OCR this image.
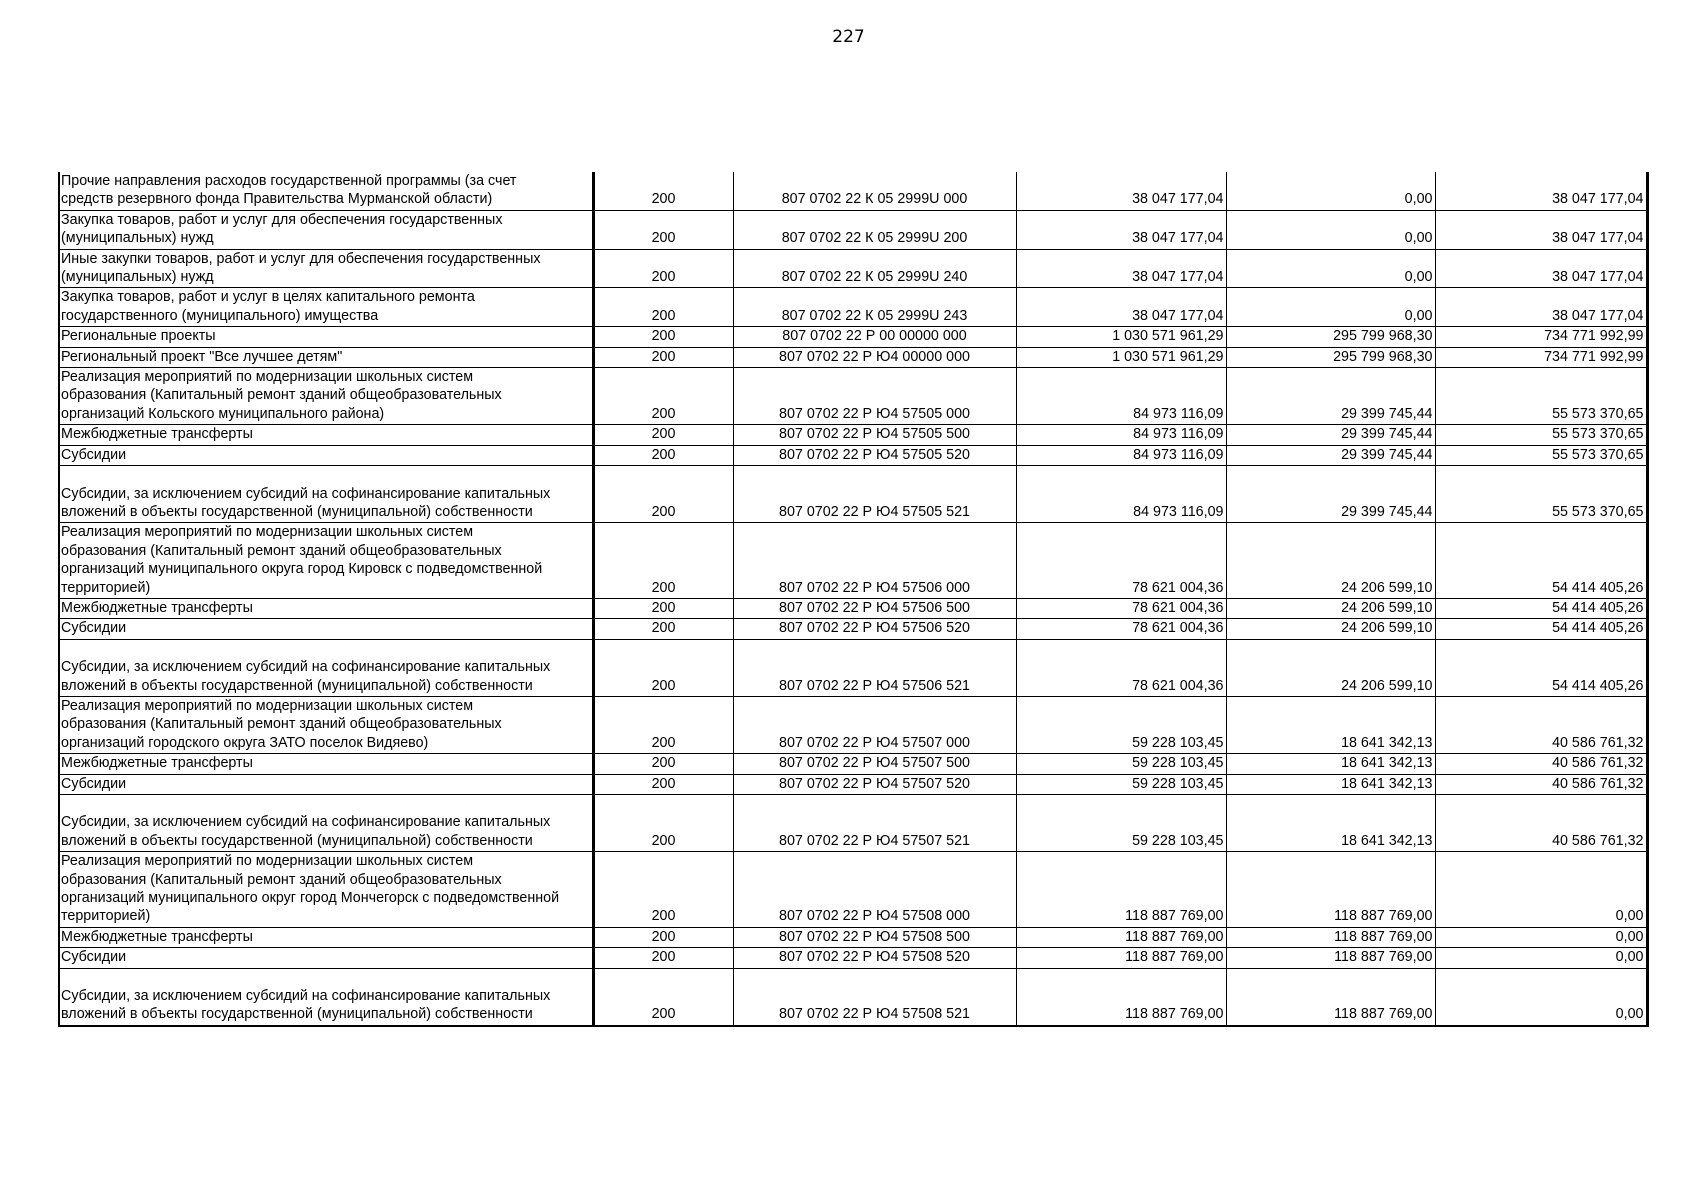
227
Прочие направления расходов государственной программы (за счет
средств резервного фонда Правительства Мурманской области)	200	807 0702 22 К 05 2999U 000	38 047 177,04	0,00	38 047 177,04
Закупка товаров, работ и услуг для обеспечения государственных
(муниципальных) нужд	200	807 0702 22 К 05 2999U 200	38 047 177,04	0,00	38 047 177,04
Иные закупки товаров, работ и услуг для обеспечения государственных
(муниципальных) нужд	200	807 0702 22 К 05 2999U 240	38 047 177,04	0,00	38 047 177,04
Закупка товаров, работ и услуг в целях капитального ремонта
государственного (муниципального) имущества	200	807 0702 22 К 05 2999U 243	38 047 177,04	0,00	38 047 177,04
Региональные проекты	200	807 0702 22 Р 00 00000 000	1 030 571 961,29	295 799 968,30	734 771 992,99
Региональный проект "Все лучшее детям"	200	807 0702 22 Р Ю4 00000 000	1 030 571 961,29	295 799 968,30	734 771 992,99
Реализация мероприятий по модернизации школьных систем
образования (Капитальный ремонт зданий общеобразовательных
организаций Кольского муниципального района)	200	807 0702 22 Р Ю4 57505 000	84 973 116,09	29 399 745,44	55 573 370,65
Межбюджетные трансферты	200	807 0702 22 Р Ю4 57505 500	84 973 116,09	29 399 745,44	55 573 370,65
Субсидии	200	807 0702 22 Р Ю4 57505 520	84 973 116,09	29 399 745,44	55 573 370,65

Субсидии, за исключением субсидий на софинансирование капитальных
вложений в объекты государственной (муниципальной) собственности	200	807 0702 22 Р Ю4 57505 521	84 973 116,09	29 399 745,44	55 573 370,65
Реализация мероприятий по модернизации школьных систем
образования (Капитальный ремонт зданий общеобразовательных
организаций муниципального округа город Кировск с подведомственной
территорией)	200	807 0702 22 Р Ю4 57506 000	78 621 004,36	24 206 599,10	54 414 405,26
Межбюджетные трансферты	200	807 0702 22 Р Ю4 57506 500	78 621 004,36	24 206 599,10	54 414 405,26
Субсидии	200	807 0702 22 Р Ю4 57506 520	78 621 004,36	24 206 599,10	54 414 405,26

Субсидии, за исключением субсидий на софинансирование капитальных
вложений в объекты государственной (муниципальной) собственности	200	807 0702 22 Р Ю4 57506 521	78 621 004,36	24 206 599,10	54 414 405,26
Реализация мероприятий по модернизации школьных систем
образования (Капитальный ремонт зданий общеобразовательных
организаций городского округа ЗАТО поселок Видяево)	200	807 0702 22 Р Ю4 57507 000	59 228 103,45	18 641 342,13	40 586 761,32
Межбюджетные трансферты	200	807 0702 22 Р Ю4 57507 500	59 228 103,45	18 641 342,13	40 586 761,32
Субсидии	200	807 0702 22 Р Ю4 57507 520	59 228 103,45	18 641 342,13	40 586 761,32

Субсидии, за исключением субсидий на софинансирование капитальных
вложений в объекты государственной (муниципальной) собственности	200	807 0702 22 Р Ю4 57507 521	59 228 103,45	18 641 342,13	40 586 761,32
Реализация мероприятий по модернизации школьных систем
образования (Капитальный ремонт зданий общеобразовательных
организаций муниципального округ город Мончегорск с подведомственной
территорией)	200	807 0702 22 Р Ю4 57508 000	118 887 769,00	118 887 769,00	0,00
Межбюджетные трансферты	200	807 0702 22 Р Ю4 57508 500	118 887 769,00	118 887 769,00	0,00
Субсидии	200	807 0702 22 Р Ю4 57508 520	118 887 769,00	118 887 769,00	0,00

Субсидии, за исключением субсидий на софинансирование капитальных
вложений в объекты государственной (муниципальной) собственности	200	807 0702 22 Р Ю4 57508 521	118 887 769,00	118 887 769,00	0,00
